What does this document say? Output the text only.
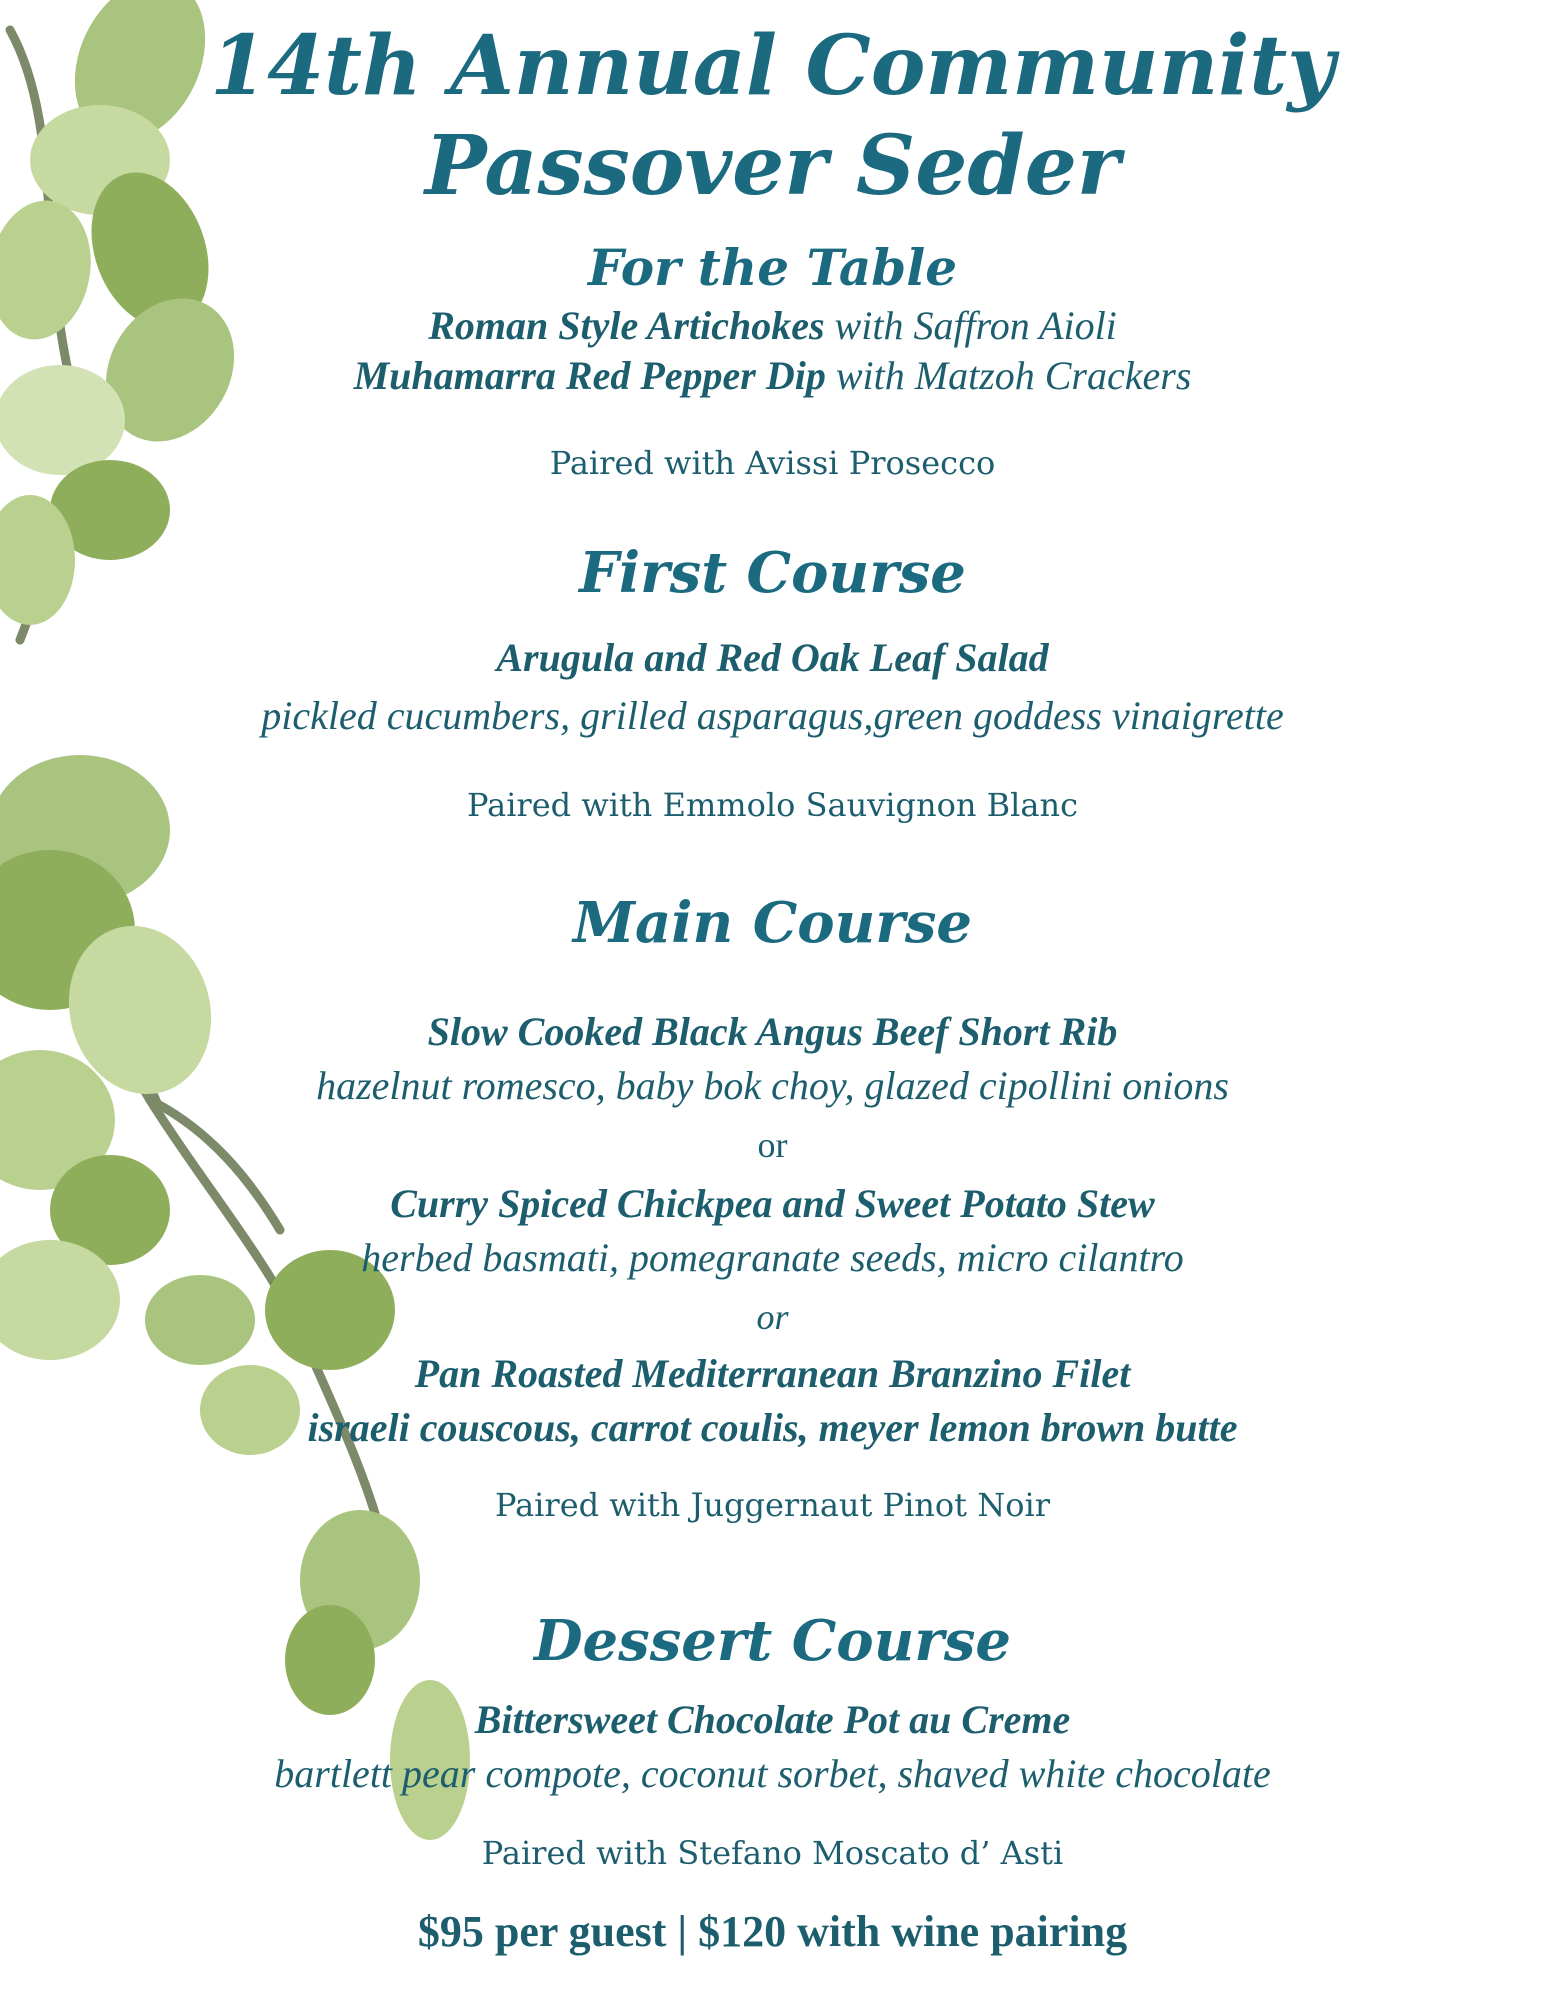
14th Annual Community
Passover Seder
For the Table

Roman Style Artichokes with Saffron Aioli

Muhamarra Red Pepper Dip with Matzoh Crackers

Paired with Avissi Prosecco

First Course

Arugula and Red Oak Leaf Salad

pickled cucumbers, grilled asparagus,green goddess vinaigrette

Paired with Emmolo Sauvignon Blanc

Main Course

Slow Cooked Black Angus Beef Short Rib

hazelnut romesco, baby bok choy, glazed cipollini onions

or

Curry Spiced Chickpea and Sweet Potato Stew

herbed basmati, pomegranate seeds, micro cilantro

or

Pan Roasted Mediterranean Branzino Filet

israeli couscous, carrot coulis, meyer lemon brown butte

Paired with Juggernaut Pinot Noir

Dessert Course

Bittersweet Chocolate Pot au Creme

bartlett pear compote, coconut sorbet, shaved white chocolate

Paired with Stefano Moscato d’ Asti

$95 per guest | $120 with wine pairing
